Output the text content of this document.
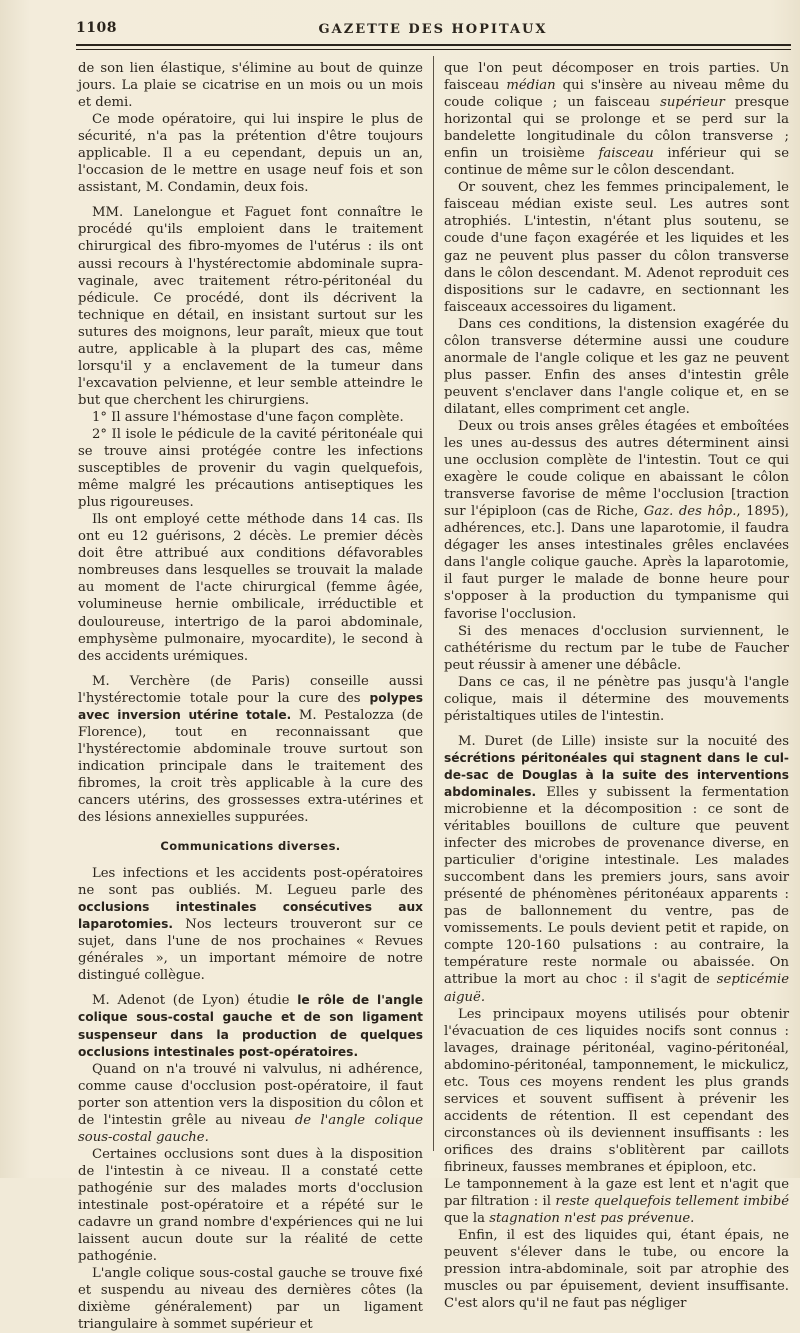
1108	GAZETTE DES HOPITAUX

de son lien élastique, s'élimine au bout de quinze jours. La plaie se cicatrise en un mois ou un mois et demi.

Ce mode opératoire, qui lui inspire le plus de sécurité, n'a pas la prétention d'être toujours applicable. Il a eu cependant, depuis un an, l'occasion de le mettre en usage neuf fois et son assistant, M. Condamin, deux fois.

MM. Lanelongue et Faguet font connaître le procédé qu'ils emploient dans le traitement chirurgical des fibro-myomes de l'utérus : ils ont aussi recours à l'hystérectomie abdominale supra-vaginale, avec traitement rétro-péritonéal du pédicule. Ce procédé, dont ils décrivent la technique en détail, en insistant surtout sur les sutures des moignons, leur paraît, mieux que tout autre, applicable à la plupart des cas, même lorsqu'il y a enclavement de la tumeur dans l'excavation pelvienne, et leur semble atteindre le but que cherchent les chirurgiens.

1° Il assure l'hémostase d'une façon complète.

2° Il isole le pédicule de la cavité péritonéale qui se trouve ainsi protégée contre les infections susceptibles de provenir du vagin quelquefois, même malgré les précautions antiseptiques les plus rigoureuses.

Ils ont employé cette méthode dans 14 cas. Ils ont eu 12 guérisons, 2 décès. Le premier décès doit être attribué aux conditions défavorables nombreuses dans lesquelles se trouvait la malade au moment de l'acte chirurgical (femme âgée, volumineuse hernie ombilicale, irréductible et douloureuse, intertrigo de la paroi abdominale, emphysème pulmonaire, myocardite), le second à des accidents urémiques.

M. Verchère (de Paris) conseille aussi l'hystérectomie totale pour la cure des polypes avec inversion utérine totale. M. Pestalozza (de Florence), tout en reconnaissant que l'hystérectomie abdominale trouve surtout son indication principale dans le traitement des fibromes, la croit très applicable à la cure des cancers utérins, des grossesses extra-utérines et des lésions annexielles suppurées.

Communications diverses.

Les infections et les accidents post-opératoires ne sont pas oubliés. M. Legueu parle des occlusions intestinales consécutives aux laparotomies. Nos lecteurs trouveront sur ce sujet, dans l'une de nos prochaines « Revues générales », un important mémoire de notre distingué collègue.

M. Adenot (de Lyon) étudie le rôle de l'angle colique sous-costal gauche et de son ligament suspenseur dans la production de quelques occlusions intestinales post-opératoires.

Quand on n'a trouvé ni valvulus, ni adhérence, comme cause d'occlusion post-opératoire, il faut porter son attention vers la disposition du côlon et de l'intestin grêle au niveau de l'angle colique sous-costal gauche.

Certaines occlusions sont dues à la disposition de l'intestin à ce niveau. Il a constaté cette pathogénie sur des malades morts d'occlusion intestinale post-opératoire et a répété sur le cadavre un grand nombre d'expériences qui ne lui laissent aucun doute sur la réalité de cette pathogénie.

L'angle colique sous-costal gauche se trouve fixé et suspendu au niveau des dernières côtes (la dixième généralement) par un ligament triangulaire à sommet supérieur et

que l'on peut décomposer en trois parties. Un faisceau médian qui s'insère au niveau même du coude colique ; un faisceau supérieur presque horizontal qui se prolonge et se perd sur la bandelette longitudinale du côlon transverse ; enfin un troisième faisceau inférieur qui se continue de même sur le côlon descendant.

Or souvent, chez les femmes principalement, le faisceau médian existe seul. Les autres sont atrophiés. L'intestin, n'étant plus soutenu, se coude d'une façon exagérée et les liquides et les gaz ne peuvent plus passer du côlon transverse dans le côlon descendant. M. Adenot reproduit ces dispositions sur le cadavre, en sectionnant les faisceaux accessoires du ligament.

Dans ces conditions, la distension exagérée du côlon transverse détermine aussi une coudure anormale de l'angle colique et les gaz ne peuvent plus passer. Enfin des anses d'intestin grêle peuvent s'enclaver dans l'angle colique et, en se dilatant, elles compriment cet angle.

Deux ou trois anses grêles étagées et emboîtées les unes au-dessus des autres déterminent ainsi une occlusion complète de l'intestin. Tout ce qui exagère le coude colique en abaissant le côlon transverse favorise de même l'occlusion [traction sur l'épiploon (cas de Riche, Gaz. des hôp., 1895), adhérences, etc.]. Dans une laparotomie, il faudra dégager les anses intestinales grêles enclavées dans l'angle colique gauche. Après la laparotomie, il faut purger le malade de bonne heure pour s'opposer à la production du tympanisme qui favorise l'occlusion.

Si des menaces d'occlusion surviennent, le cathétérisme du rectum par le tube de Faucher peut réussir à amener une débâcle.

Dans ce cas, il ne pénètre pas jusqu'à l'angle colique, mais il détermine des mouvements péristaltiques utiles de l'intestin.

M. Duret (de Lille) insiste sur la nocuité des sécrétions péritonéales qui stagnent dans le cul-de-sac de Douglas à la suite des interventions abdominales. Elles y subissent la fermentation microbienne et la décomposition : ce sont de véritables bouillons de culture que peuvent infecter des microbes de provenance diverse, en particulier d'origine intestinale. Les malades succombent dans les premiers jours, sans avoir présenté de phénomènes péritonéaux apparents : pas de ballonnement du ventre, pas de vomissements. Le pouls devient petit et rapide, on compte 120-160 pulsations : au contraire, la température reste normale ou abaissée. On attribue la mort au choc : il s'agit de septicémie aiguë.

Les principaux moyens utilisés pour obtenir l'évacuation de ces liquides nocifs sont connus : lavages, drainage péritonéal, vagino-péritonéal, abdomino-péritonéal, tamponnement, le mickulicz, etc. Tous ces moyens rendent les plus grands services et souvent suffisent à prévenir les accidents de rétention. Il est cependant des circonstances où ils deviennent insuffisants : les orifices des drains s'oblitèrent par caillots fibrineux, fausses membranes et épiploon, etc.

Le tamponnement à la gaze est lent et n'agit que par filtration : il reste quelquefois tellement imbibé que la stagnation n'est pas prévenue.

Enfin, il est des liquides qui, étant épais, ne peuvent s'élever dans le tube, ou encore la pression intra-abdominale, soit par atrophie des muscles ou par épuisement, devient insuffisante. C'est alors qu'il ne faut pas négliger
